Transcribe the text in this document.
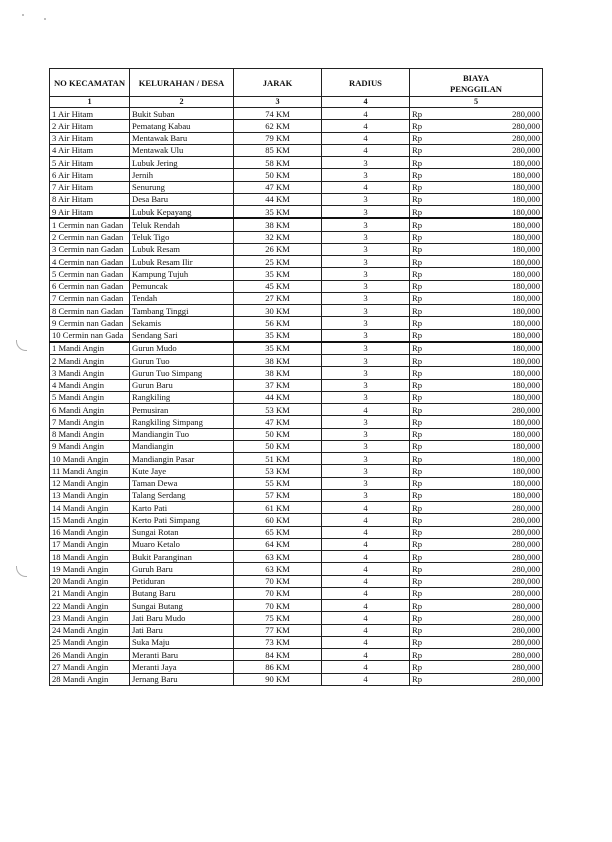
NO KECAMATAN	KELURAHAN / DESA	JARAK	RADIUS	BIAYA PENGGILAN	
1	2	3	4	5	
1 Air Hitam	Bukit Suban	74 KM	4	Rp	280,000
2 Air Hitam	Pematang Kabau	62 KM	4	Rp	280,000
3 Air Hitam	Mentawak Baru	79 KM	4	Rp	280,000
4 Air Hitam	Mentawak Ulu	85 KM	4	Rp	280,000
5 Air Hitam	Lubuk Jering	58 KM	3	Rp	180,000
6 Air Hitam	Jernih	50 KM	3	Rp	180,000
7 Air Hitam	Senurung	47 KM	4	Rp	180,000
8 Air Hitam	Desa Baru	44 KM	3	Rp	180,000
9 Air Hitam	Lubuk Kepayang	35 KM	3	Rp	180,000
1 Cermin nan Gadan	Teluk Rendah	38 KM	3	Rp	180,000
2 Cermin nan Gadan	Teluk Tigo	32 KM	3	Rp	180,000
3 Cermin nan Gadan	Lubuk Resam	26 KM	3	Rp	180,000
4 Cermin nan Gadan	Lubuk Resam Ilir	25 KM	3	Rp	180,000
5 Cermin nan Gadan	Kampung Tujuh	35 KM	3	Rp	180,000
6 Cermin nan Gadan	Pemuncak	45 KM	3	Rp	180,000
7 Cermin nan Gadan	Tendah	27 KM	3	Rp	180,000
8 Cermin nan Gadan	Tambang Tinggi	30 KM	3	Rp	180,000
9 Cermin nan Gadan	Sekamis	56 KM	3	Rp	180,000
10 Cermin nan Gada	Sendang Sari	35 KM	3	Rp	180,000
1 Mandi Angin	Gurun Mudo	35 KM	3	Rp	180,000
2 Mandi Angin	Gurun Tuo	38 KM	3	Rp	180,000
3 Mandi Angin	Gurun Tuo Simpang	38 KM	3	Rp	180,000
4 Mandi Angin	Gurun Baru	37 KM	3	Rp	180,000
5 Mandi Angin	Rangkiling	44 KM	3	Rp	180,000
6 Mandi Angin	Pemusiran	53 KM	4	Rp	280,000
7 Mandi Angin	Rangkiling Simpang	47 KM	3	Rp	180,000
8 Mandi Angin	Mandiangin Tuo	50 KM	3	Rp	180,000
9 Mandi Angin	Mandiangin	50 KM	3	Rp	180,000
10 Mandi Angin	Mandiangin Pasar	51 KM	3	Rp	180,000
11 Mandi Angin	Kute Jaye	53 KM	3	Rp	180,000
12 Mandi Angin	Taman Dewa	55 KM	3	Rp	180,000
13 Mandi Angin	Talang Serdang	57 KM	3	Rp	180,000
14 Mandi Angin	Karto Pati	61 KM	4	Rp	280,000
15 Mandi Angin	Kerto Pati Simpang	60 KM	4	Rp	280,000
16 Mandi Angin	Sungai Rotan	65 KM	4	Rp	280,000
17 Mandi Angin	Muaro Ketalo	64 KM	4	Rp	280,000
18 Mandi Angin	Bukit Paranginan	63 KM	4	Rp	280,000
19 Mandi Angin	Guruh Baru	63 KM	4	Rp	280,000
20 Mandi Angin	Petiduran	70 KM	4	Rp	280,000
21 Mandi Angin	Butang Baru	70 KM	4	Rp	280,000
22 Mandi Angin	Sungai Butang	70 KM	4	Rp	280,000
23 Mandi Angin	Jati Baru Mudo	75 KM	4	Rp	280,000
24 Mandi Angin	Jati Baru	77 KM	4	Rp	280,000
25 Mandi Angin	Suka Maju	73 KM	4	Rp	280,000
26 Mandi Angin	Meranti Baru	84 KM	4	Rp	280,000
27 Mandi Angin	Meranti Jaya	86 KM	4	Rp	280,000
28 Mandi Angin	Jernang Baru	90 KM	4	Rp	280,000
